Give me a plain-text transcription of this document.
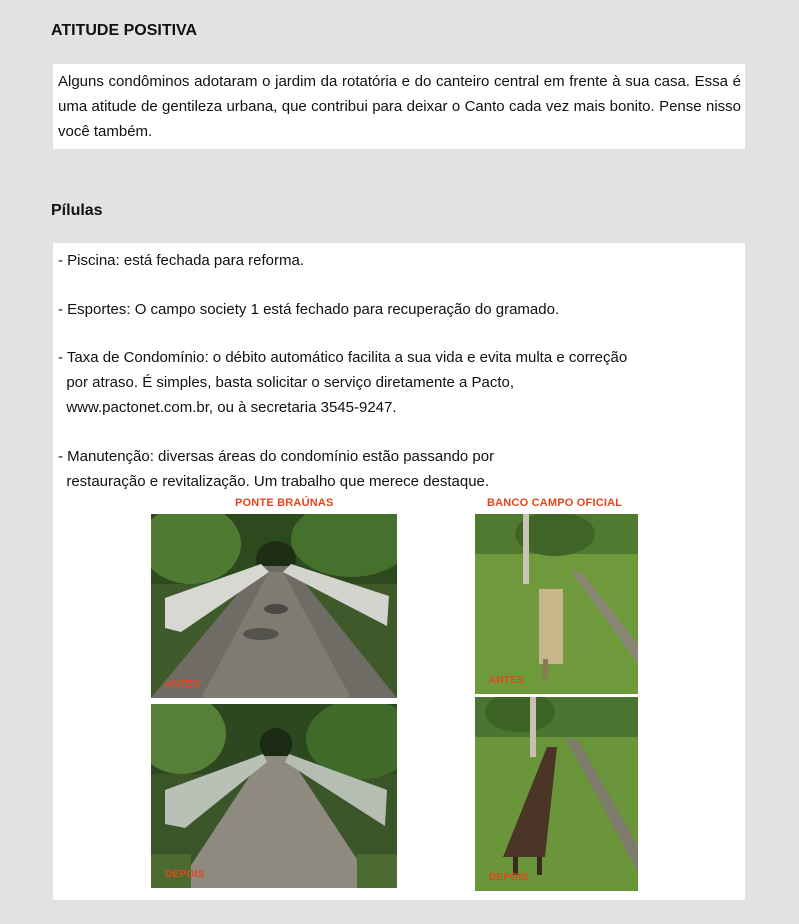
ATITUDE POSITIVA
Alguns condôminos adotaram o jardim da rotatória e do canteiro central em frente à sua casa. Essa é uma atitude de gentileza urbana, que contribui para deixar o Canto cada vez mais bonito. Pense nisso você também.
Pílulas

- Piscina: está fechada para reforma.

- Esportes: O campo society 1 está fechado para recuperação do gramado.

- Taxa de Condomínio: o débito automático facilita a sua vida e evita multa e correção

por atraso. É simples, basta solicitar o serviço diretamente a Pacto,

www.pactonet.com.br, ou à secretaria 3545-9247.

- Manutenção: diversas áreas do condomínio estão passando por

restauração e revitalização. Um trabalho que merece destaque.

PONTE BRAÚNAS	BANCO CAMPO OFICIAL
ANTES
DEPOIS
ANTES
DEPOIS
